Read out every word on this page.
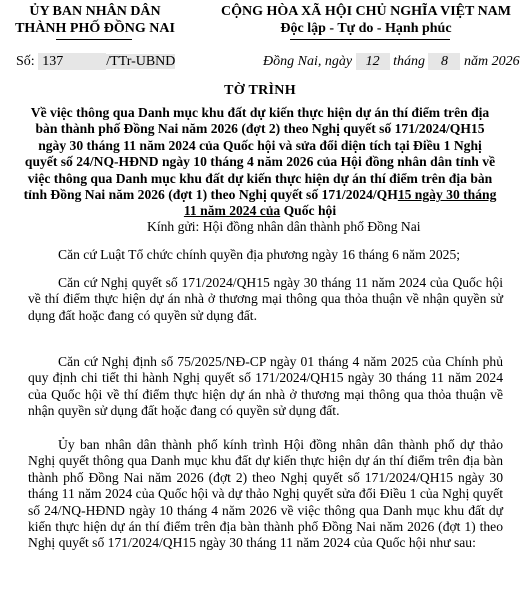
ỦY BAN NHÂN DÂN
THÀNH PHỐ ĐỒNG NAI
CỘNG HÒA XÃ HỘI CHỦ NGHĨA VIỆT NAM
Độc lập - Tự do - Hạnh phúc
Số: 137	/TTr-UBND	Đồng Nai, ngày 12 tháng 8 năm 2026
TỜ TRÌNH
Về việc thông qua Danh mục khu đất dự kiến thực hiện dự án thí điểm trên địa bàn thành phố Đồng Nai năm 2026 (đợt 2) theo Nghị quyết số 171/2024/QH15 ngày 30 tháng 11 năm 2024 của Quốc hội và sửa đổi diện tích tại Điều 1 Nghị quyết số 24/NQ-HĐND ngày 10 tháng 4 năm 2026 của Hội đồng nhân dân tỉnh về việc thông qua Danh mục khu đất dự kiến thực hiện dự án thí điểm trên địa bàn tỉnh Đồng Nai năm 2026 (đợt 1) theo Nghị quyết số 171/2024/QH15 ngày 30 tháng 11 năm 2024 của Quốc hội
Kính gửi: Hội đồng nhân dân thành phố Đồng Nai
Căn cứ Luật Tổ chức chính quyền địa phương ngày 16 tháng 6 năm 2025;
Căn cứ Nghị quyết số 171/2024/QH15 ngày 30 tháng 11 năm 2024 của Quốc hội về thí điểm thực hiện dự án nhà ở thương mại thông qua thỏa thuận về nhận quyền sử dụng đất hoặc đang có quyền sử dụng đất.
Căn cứ Nghị định số 75/2025/NĐ-CP ngày 01 tháng 4 năm 2025 của Chính phủ quy định chi tiết thi hành Nghị quyết số 171/2024/QH15 ngày 30 tháng 11 năm 2024 của Quốc hội về thí điểm thực hiện dự án nhà ở thương mại thông qua thỏa thuận về nhận quyền sử dụng đất hoặc đang có quyền sử dụng đất.
Ủy ban nhân dân thành phố kính trình Hội đồng nhân dân thành phố dự thảo Nghị quyết thông qua Danh mục khu đất dự kiến thực hiện dự án thí điểm trên địa bàn thành phố Đồng Nai năm 2026 (đợt 2) theo Nghị quyết số 171/2024/QH15 ngày 30 tháng 11 năm 2024 của Quốc hội và dự thảo Nghị quyết sửa đổi Điều 1 của Nghị quyết số 24/NQ-HĐND ngày 10 tháng 4 năm 2026 về việc thông qua Danh mục khu đất dự kiến thực hiện dự án thí điểm trên địa bàn thành phố Đồng Nai năm 2026 (đợt 1) theo Nghị quyết số 171/2024/QH15 ngày 30 tháng 11 năm 2024 của Quốc hội như sau:
